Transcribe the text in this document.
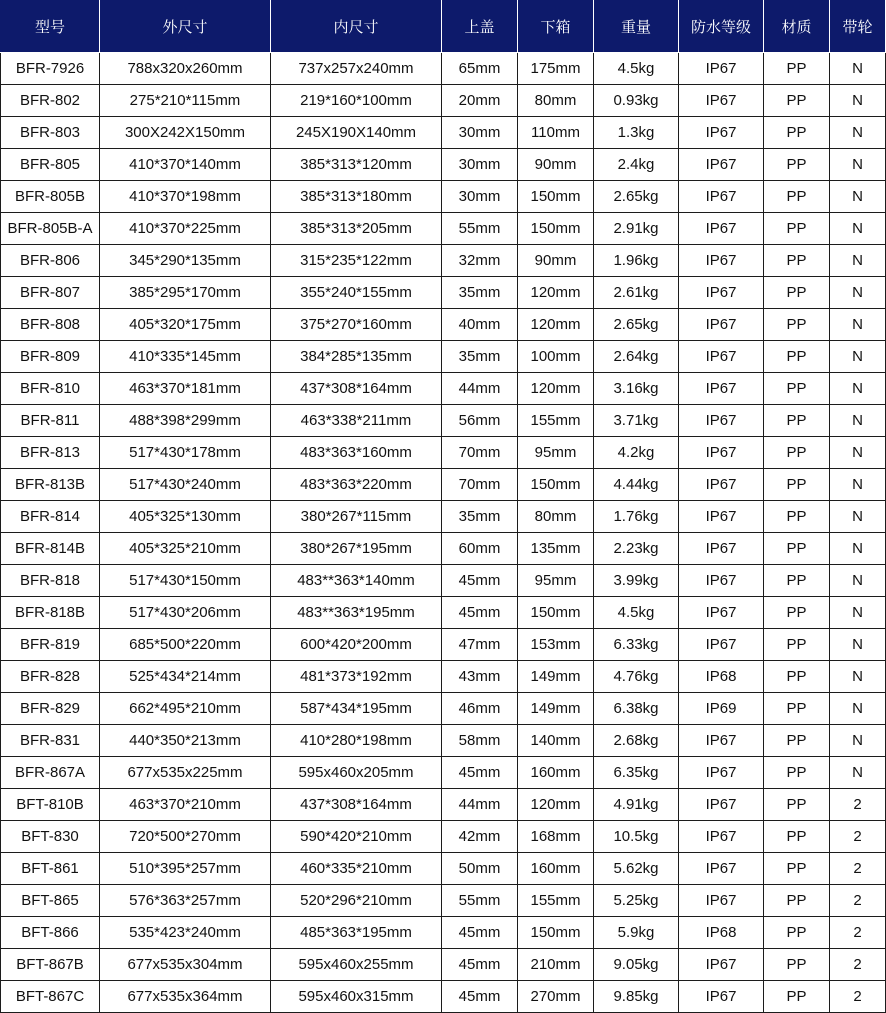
型号	外尺寸	内尺寸	上盖	下箱	重量	防水等级	材质	带轮
BFR-7926	788x320x260mm	737x257x240mm	65mm	175mm	4.5kg	IP67	PP	N
BFR-802	275*210*115mm	219*160*100mm	20mm	80mm	0.93kg	IP67	PP	N
BFR-803	300X242X150mm	245X190X140mm	30mm	110mm	1.3kg	IP67	PP	N
BFR-805	410*370*140mm	385*313*120mm	30mm	90mm	2.4kg	IP67	PP	N
BFR-805B	410*370*198mm	385*313*180mm	30mm	150mm	2.65kg	IP67	PP	N
BFR-805B-A	410*370*225mm	385*313*205mm	55mm	150mm	2.91kg	IP67	PP	N
BFR-806	345*290*135mm	315*235*122mm	32mm	90mm	1.96kg	IP67	PP	N
BFR-807	385*295*170mm	355*240*155mm	35mm	120mm	2.61kg	IP67	PP	N
BFR-808	405*320*175mm	375*270*160mm	40mm	120mm	2.65kg	IP67	PP	N
BFR-809	410*335*145mm	384*285*135mm	35mm	100mm	2.64kg	IP67	PP	N
BFR-810	463*370*181mm	437*308*164mm	44mm	120mm	3.16kg	IP67	PP	N
BFR-811	488*398*299mm	463*338*211mm	56mm	155mm	3.71kg	IP67	PP	N
BFR-813	517*430*178mm	483*363*160mm	70mm	95mm	4.2kg	IP67	PP	N
BFR-813B	517*430*240mm	483*363*220mm	70mm	150mm	4.44kg	IP67	PP	N
BFR-814	405*325*130mm	380*267*115mm	35mm	80mm	1.76kg	IP67	PP	N
BFR-814B	405*325*210mm	380*267*195mm	60mm	135mm	2.23kg	IP67	PP	N
BFR-818	517*430*150mm	483**363*140mm	45mm	95mm	3.99kg	IP67	PP	N
BFR-818B	517*430*206mm	483**363*195mm	45mm	150mm	4.5kg	IP67	PP	N
BFR-819	685*500*220mm	600*420*200mm	47mm	153mm	6.33kg	IP67	PP	N
BFR-828	525*434*214mm	481*373*192mm	43mm	149mm	4.76kg	IP68	PP	N
BFR-829	662*495*210mm	587*434*195mm	46mm	149mm	6.38kg	IP69	PP	N
BFR-831	440*350*213mm	410*280*198mm	58mm	140mm	2.68kg	IP67	PP	N
BFR-867A	677x535x225mm	595x460x205mm	45mm	160mm	6.35kg	IP67	PP	N
BFT-810B	463*370*210mm	437*308*164mm	44mm	120mm	4.91kg	IP67	PP	2
BFT-830	720*500*270mm	590*420*210mm	42mm	168mm	10.5kg	IP67	PP	2
BFT-861	510*395*257mm	460*335*210mm	50mm	160mm	5.62kg	IP67	PP	2
BFT-865	576*363*257mm	520*296*210mm	55mm	155mm	5.25kg	IP67	PP	2
BFT-866	535*423*240mm	485*363*195mm	45mm	150mm	5.9kg	IP68	PP	2
BFT-867B	677x535x304mm	595x460x255mm	45mm	210mm	9.05kg	IP67	PP	2
BFT-867C	677x535x364mm	595x460x315mm	45mm	270mm	9.85kg	IP67	PP	2
